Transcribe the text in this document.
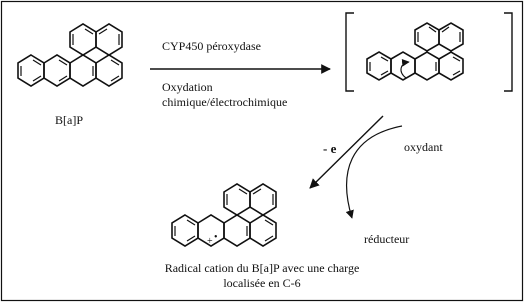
B[a]P
CYP450 péroxydase
Oxydation
chimique/électrochimique
- e	oxydant
réducteur
+ •
Radical cation du B[a]P avec une charge
localisée en C-6
